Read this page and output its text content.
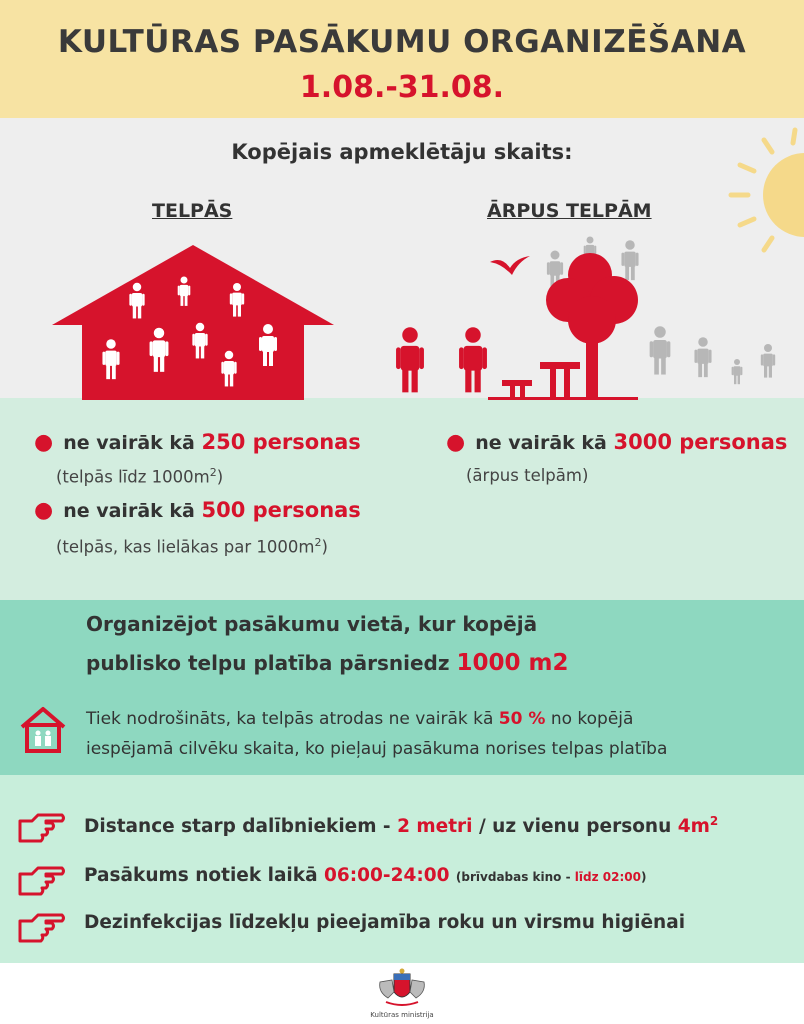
KULTŪRAS PASĀKUMU ORGANIZĒŠANA
1.08.-31.08.
Kopējais apmeklētāju skaits:
TELPĀS	ĀRPUS TELPĀM
● ne vairāk kā 250 personas
(telpās līdz $1000m^2$)
● ne vairāk kā 500 personas
(telpās, kas lielākas par $1000m^2$)
● ne vairāk kā 3000 personas
(ārpus telpām)
Organizējot pasākumu vietā, kur kopējā
publisko telpu platība pārsniedz 1000 m2
Tiek nodrošināts, ka telpās atrodas ne vairāk kā 50 % no kopējā
iespējamā cilvēku skaita, ko pieļauj pasākuma norises telpas platība
Distance starp dalībniekiem - 2 metri / uz vienu personu $4m^2$
Pasākums notiek laikā 06:00-24:00 (brīvdabas kino - līdz 02:00)
Dezinfekcijas līdzekļu pieejamība roku un virsmu higiēnai
Kultūras ministrija
